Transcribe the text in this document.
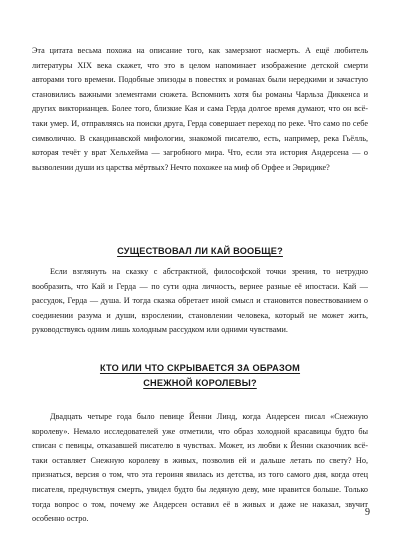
Эта цитата весьма похожа на описание того, как замерзают насмерть. А ещё любитель литературы XIX века скажет, что это в целом напоминает изображение детской смерти авторами того времени. Подобные эпизоды в повестях и романах были нередкими и зачастую становились важными элементами сюжета. Вспомнить хотя бы романы Чарльза Диккенса и других викторианцев. Более того, близкие Кая и сама Герда долгое время думают, что он всё-таки умер. И, отправляясь на поиски друга, Герда совершает переход по реке. Что само по себе символично. В скандинавской мифологии, знакомой писателю, есть, например, река Гьёлль, которая течёт у врат Хельхейма — загробного мира. Что, если эта история Андерсена — о вызволении души из царства мёртвых? Нечто похожее на миф об Орфее и Эвридике?

СУЩЕСТВОВАЛ ЛИ КАЙ ВООБЩЕ?

Если взглянуть на сказку с абстрактной, философской точки зрения, то нетрудно вообразить, что Кай и Герда — по сути одна личность, вернее разные её ипостаси. Кай — рассудок, Герда — душа. И тогда сказка обретает иной смысл и становится повествованием о соединении разума и души, взрослении, становлении человека, который не может жить, руководствуясь одним лишь холодным рассудком или одними чувствами.

КТО ИЛИ ЧТО СКРЫВАЕТСЯ ЗА ОБРАЗОМ
СНЕЖНОЙ КОРОЛЕВЫ?

Двадцать четыре года было певице Йенни Линд, когда Андерсен писал «Снежную королеву». Немало исследователей уже отметили, что образ холодной красавицы будто бы списан с певицы, отказавшей писателю в чувствах. Может, из любви к Йенни сказочник всё-таки оставляет Снежную королеву в живых, позволив ей и дальше летать по свету? Но, признаться, версия о том, что эта героиня явилась из детства, из того самого дня, когда отец писателя, предчувствуя смерть, увидел будто бы ледяную деву, мне нравится больше. Только тогда вопрос о том, почему же Андерсен оставил её в живых и даже не наказал, звучит особенно остро.

9
